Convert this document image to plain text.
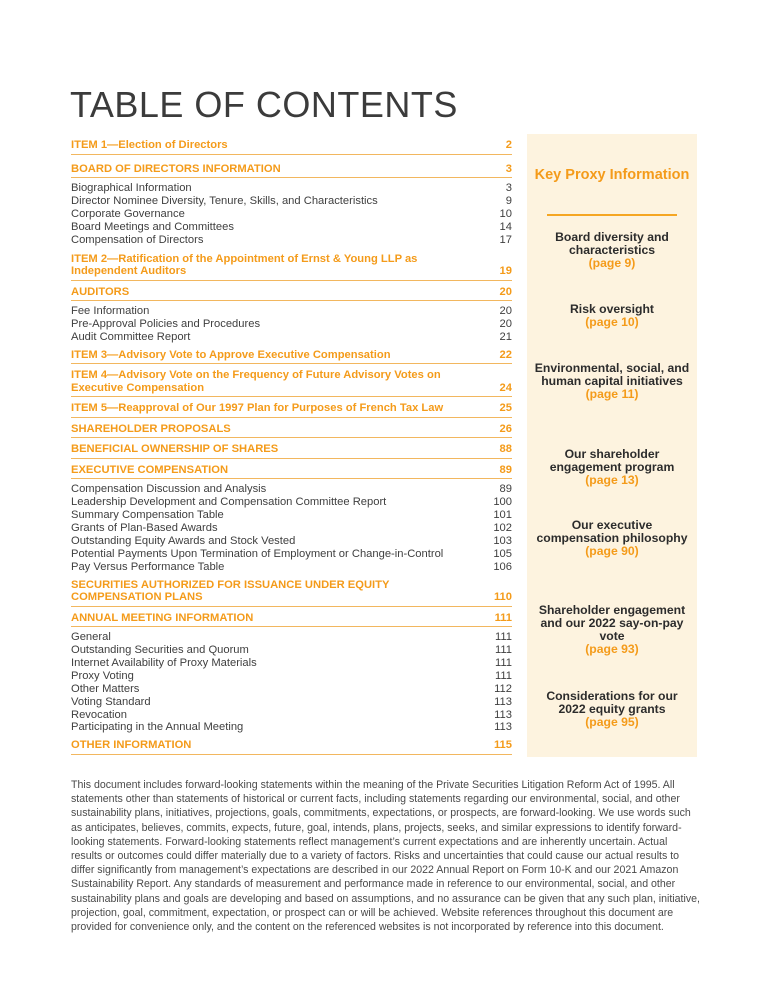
TABLE OF CONTENTS
ITEM 1—Election of Directors	2
BOARD OF DIRECTORS INFORMATION	3
Biographical Information	3
Director Nominee Diversity, Tenure, Skills, and Characteristics	9
Corporate Governance	10
Board Meetings and Committees	14
Compensation of Directors	17
ITEM 2—Ratification of the Appointment of Ernst & Young LLP as Independent Auditors	19
AUDITORS	20
Fee Information	20
Pre-Approval Policies and Procedures	20
Audit Committee Report	21
ITEM 3—Advisory Vote to Approve Executive Compensation	22
ITEM 4—Advisory Vote on the Frequency of Future Advisory Votes on Executive Compensation	24
ITEM 5—Reapproval of Our 1997 Plan for Purposes of French Tax Law	25
SHAREHOLDER PROPOSALS	26
BENEFICIAL OWNERSHIP OF SHARES	88
EXECUTIVE COMPENSATION	89
Compensation Discussion and Analysis	89
Leadership Development and Compensation Committee Report	100
Summary Compensation Table	101
Grants of Plan-Based Awards	102
Outstanding Equity Awards and Stock Vested	103
Potential Payments Upon Termination of Employment or Change-in-Control	105
Pay Versus Performance Table	106
SECURITIES AUTHORIZED FOR ISSUANCE UNDER EQUITY COMPENSATION PLANS	110
ANNUAL MEETING INFORMATION	111
General	111
Outstanding Securities and Quorum	111
Internet Availability of Proxy Materials	111
Proxy Voting	111
Other Matters	112
Voting Standard	113
Revocation	113
Participating in the Annual Meeting	113
OTHER INFORMATION	115
Key Proxy Information
Board diversity and characteristics
(page 9)
Risk oversight
(page 10)
Environmental, social, and human capital initiatives
(page 11)
Our shareholder engagement program
(page 13)
Our executive compensation philosophy
(page 90)
Shareholder engagement and our 2022 say-on-pay vote
(page 93)
Considerations for our 2022 equity grants
(page 95)
This document includes forward-looking statements within the meaning of the Private Securities Litigation Reform Act of 1995. All statements other than statements of historical or current facts, including statements regarding our environmental, social, and other sustainability plans, initiatives, projections, goals, commitments, expectations, or prospects, are forward-looking. We use words such as anticipates, believes, commits, expects, future, goal, intends, plans, projects, seeks, and similar expressions to identify forward-looking statements. Forward-looking statements reflect management’s current expectations and are inherently uncertain. Actual results or outcomes could differ materially due to a variety of factors. Risks and uncertainties that could cause our actual results to differ significantly from management’s expectations are described in our 2022 Annual Report on Form 10-K and our 2021 Amazon Sustainability Report. Any standards of measurement and performance made in reference to our environmental, social, and other sustainability plans and goals are developing and based on assumptions, and no assurance can be given that any such plan, initiative, projection, goal, commitment, expectation, or prospect can or will be achieved. Website references throughout this document are provided for convenience only, and the content on the referenced websites is not incorporated by reference into this document.
